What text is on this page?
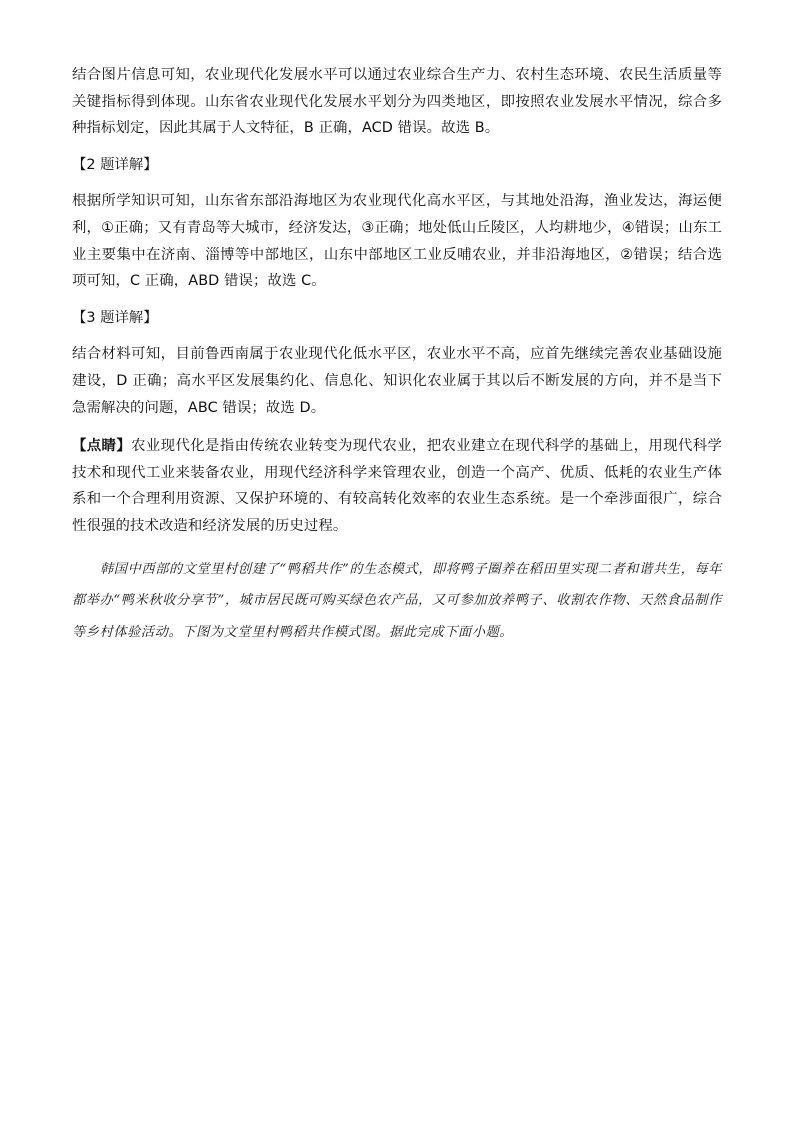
结合图片信息可知，农业现代化发展水平可以通过农业综合生产力、农村生态环境、农民生活质量等关键指标得到体现。山东省农业现代化发展水平划分为四类地区，即按照农业发展水平情况，综合多种指标划定，因此其属于人文特征，B 正确，ACD 错误。故选 B。

【2 题详解】

根据所学知识可知，山东省东部沿海地区为农业现代化高水平区，与其地处沿海，渔业发达，海运便利，①正确；又有青岛等大城市，经济发达，③正确；地处低山丘陵区，人均耕地少，④错误；山东工业主要集中在济南、淄博等中部地区，山东中部地区工业反哺农业，并非沿海地区，②错误；结合选项可知，C 正确，ABD 错误；故选 C。

【3 题详解】

结合材料可知，目前鲁西南属于农业现代化低水平区，农业水平不高，应首先继续完善农业基础设施建设，D 正确；高水平区发展集约化、信息化、知识化农业属于其以后不断发展的方向，并不是当下急需解决的问题，ABC 错误；故选 D。

【点睛】农业现代化是指由传统农业转变为现代农业，把农业建立在现代科学的基础上，用现代科学技术和现代工业来装备农业，用现代经济科学来管理农业，创造一个高产、优质、低耗的农业生产体系和一个合理利用资源、又保护环境的、有较高转化效率的农业生态系统。是一个牵涉面很广，综合性很强的技术改造和经济发展的历史过程。

韩国中西部的文堂里村创建了“鸭稻共作”的生态模式，即将鸭子圈养在稻田里实现二者和谐共生，每年都举办“鸭米秋收分享节”，城市居民既可购买绿色农产品，又可参加放养鸭子、收割农作物、天然食品制作等乡村体验活动。下图为文堂里村鸭稻共作模式图。据此完成下面小题。
